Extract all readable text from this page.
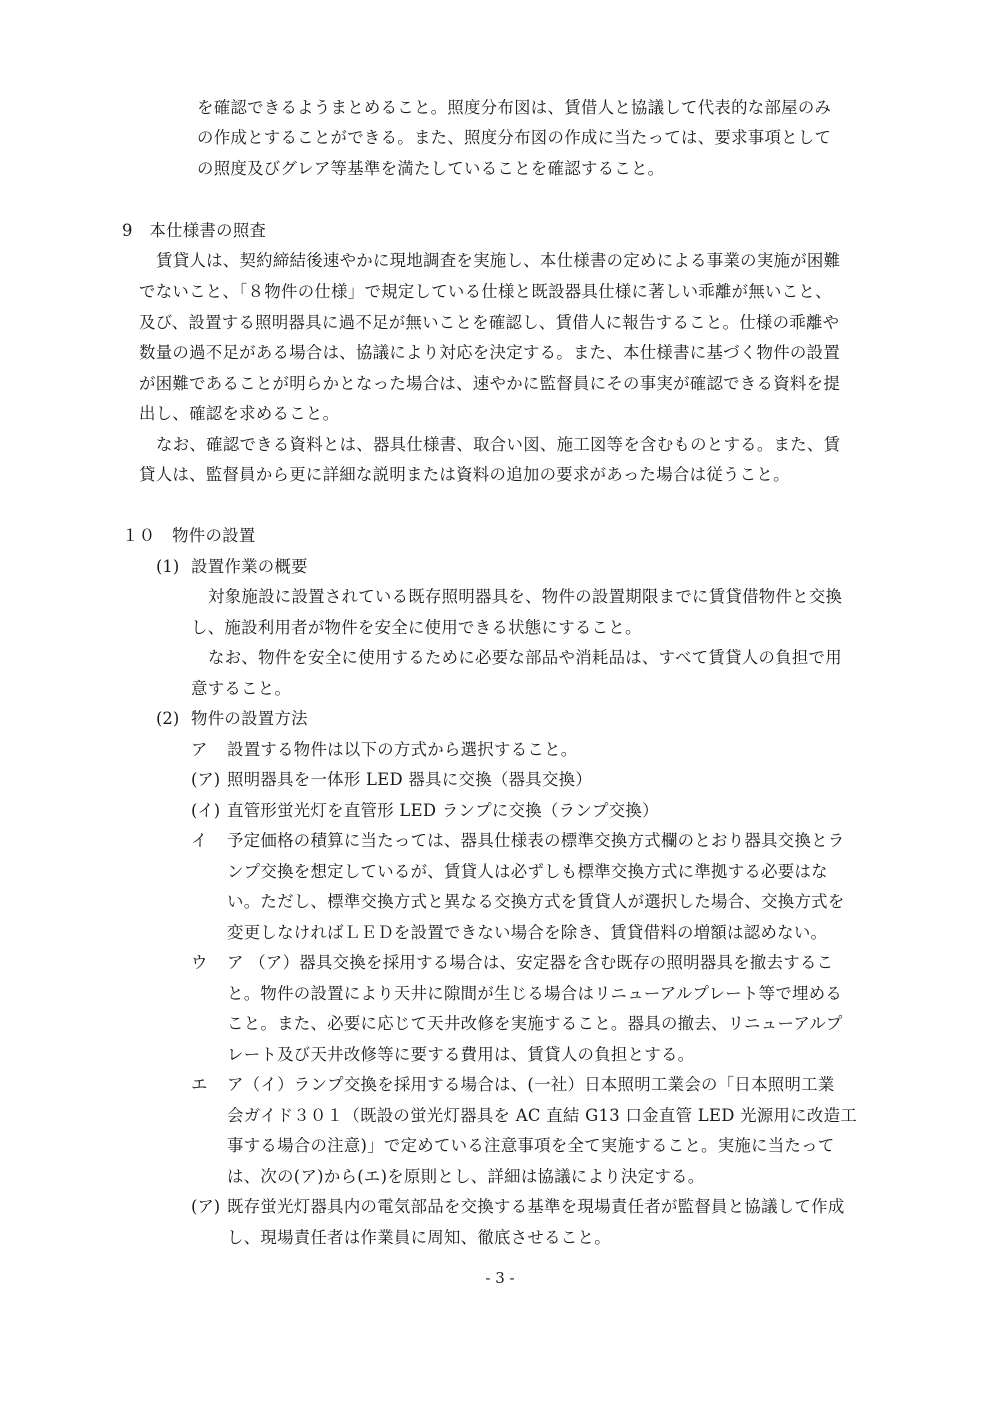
を確認できるようまとめること。照度分布図は、賃借人と協議して代表的な部屋のみ
の作成とすることができる。また、照度分布図の作成に当たっては、要求事項として
の照度及びグレア等基準を満たしていることを確認すること。
9　本仕様書の照査
賃貸人は、契約締結後速やかに現地調査を実施し、本仕様書の定めによる事業の実施が困難
でないこと、「８物件の仕様」で規定している仕様と既設器具仕様に著しい乖離が無いこと、
及び、設置する照明器具に過不足が無いことを確認し、賃借人に報告すること。仕様の乖離や
数量の過不足がある場合は、協議により対応を決定する。また、本仕様書に基づく物件の設置
が困難であることが明らかとなった場合は、速やかに監督員にその事実が確認できる資料を提
出し、確認を求めること。
なお、確認できる資料とは、器具仕様書、取合い図、施工図等を含むものとする。また、賃
貸人は、監督員から更に詳細な説明または資料の追加の要求があった場合は従うこと。
１０　物件の設置
(1) 設置作業の概要
対象施設に設置されている既存照明器具を、物件の設置期限までに賃貸借物件と交換
し、施設利用者が物件を安全に使用できる状態にすること。
なお、物件を安全に使用するために必要な部品や消耗品は、すべて賃貸人の負担で用
意すること。
(2) 物件の設置方法
ア 設置する物件は以下の方式から選択すること。
(ア) 照明器具を一体形 LED 器具に交換（器具交換）
(イ) 直管形蛍光灯を直管形 LED ランプに交換（ランプ交換）
イ 予定価格の積算に当たっては、器具仕様表の標準交換方式欄のとおり器具交換とラ
ンプ交換を想定しているが、賃貸人は必ずしも標準交換方式に準拠する必要はな
い。ただし、標準交換方式と異なる交換方式を賃貸人が選択した場合、交換方式を
変更しなければＬＥＤを設置できない場合を除き、賃貸借料の増額は認めない。
ウ ア （ア）器具交換を採用する場合は、安定器を含む既存の照明器具を撤去するこ
と。物件の設置により天井に隙間が生じる場合はリニューアルプレート等で埋める
こと。また、必要に応じて天井改修を実施すること。器具の撤去、リニューアルプ
レート及び天井改修等に要する費用は、賃貸人の負担とする。
エ ア（イ）ランプ交換を採用する場合は、(一社）日本照明工業会の「日本照明工業
会ガイド３０１（既設の蛍光灯器具を AC 直結 G13 口金直管 LED 光源用に改造工
事する場合の注意)」で定めている注意事項を全て実施すること。実施に当たって
は、次の(ア)から(エ)を原則とし、詳細は協議により決定する。
(ア) 既存蛍光灯器具内の電気部品を交換する基準を現場責任者が監督員と協議して作成
し、現場責任者は作業員に周知、徹底させること。
- 3 -
